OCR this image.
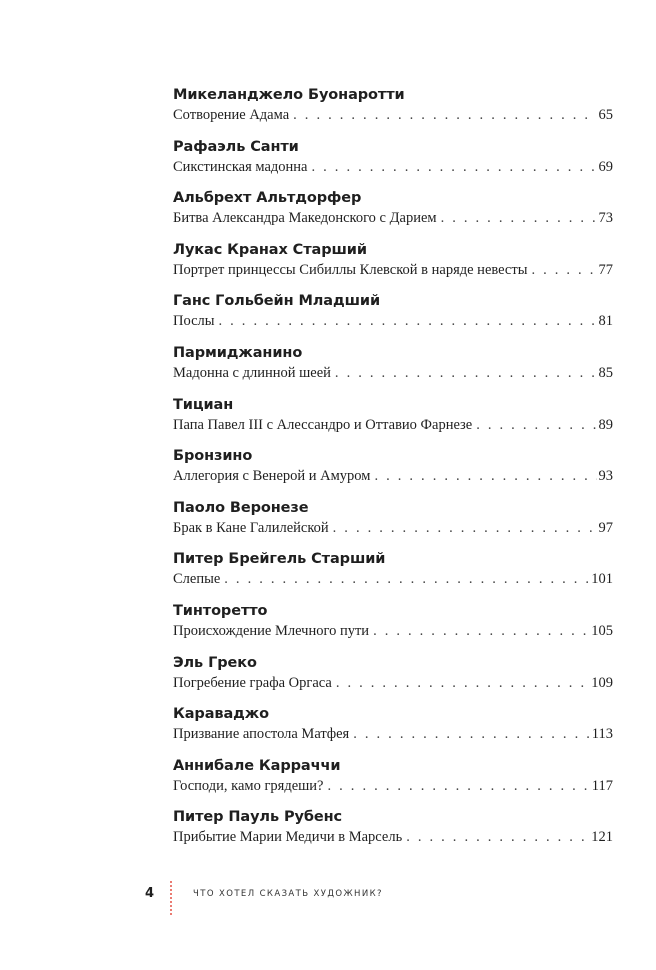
Микеланджело Буонаротти
Сотворение Адама . . .	65
Рафаэль Санти
Сикстинская мадонна . . .	69
Альбрехт Альтдорфер
Битва Александра Македонского с Дарием . . .	73
Лукас Кранах Старший
Портрет принцессы Сибиллы Клевской в наряде невесты . . .	77
Ганс Гольбейн Младший
Послы . . .	81
Пармиджанино
Мадонна с длинной шеей . . .	85
Тициан
Папа Павел III с Алессандро и Оттавио Фарнезе . . .	89
Бронзино
Аллегория с Венерой и Амуром . . .	93
Паоло Веронезе
Брак в Кане Галилейской . . .	97
Питер Брейгель Старший
Слепые . . .	101
Тинторетто
Происхождение Млечного пути . . .	105
Эль Греко
Погребение графа Оргаса . . .	109
Караваджо
Призвание апостола Матфея . . .	113
Аннибале Карраччи
Господи, камо грядеши? . . .	117
Питер Пауль Рубенс
Прибытие Марии Медичи в Марсель . . .	121
4	ЧТО ХОТЕЛ СКАЗАТЬ ХУДОЖНИК?
